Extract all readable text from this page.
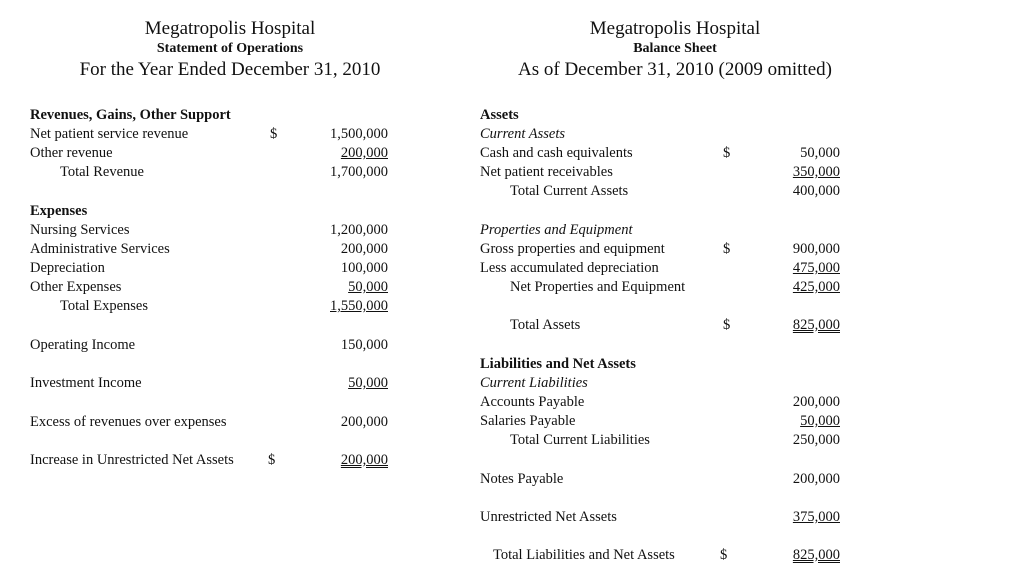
Megatropolis Hospital
Statement of Operations
For the Year Ended December 31, 2010
Revenues, Gains, Other Support
Net patient service revenue	$	1,500,000
Other revenue	200,000
Total Revenue	1,700,000
Expenses
Nursing Services	1,200,000
Administrative Services	200,000
Depreciation	100,000
Other Expenses	50,000
Total Expenses	1,550,000
Operating Income	150,000
Investment Income	50,000
Excess of revenues over expenses	200,000
Increase in Unrestricted Net Assets $	200,000
Megatropolis Hospital
Balance Sheet
As of December 31, 2010 (2009 omitted)
Assets
Current Assets
Cash and cash equivalents	$	50,000
Net patient receivables	350,000
Total Current Assets	400,000
Properties and Equipment
Gross properties and equipment	$	900,000
Less accumulated depreciation	475,000
Net Properties and Equipment	425,000
Total Assets	$	825,000
Liabilities and Net Assets
Current Liabilities
Accounts Payable	200,000
Salaries Payable	50,000
Total Current Liabilities	250,000
Notes Payable	200,000
Unrestricted Net Assets	375,000
Total Liabilities and Net Assets	$	825,000
